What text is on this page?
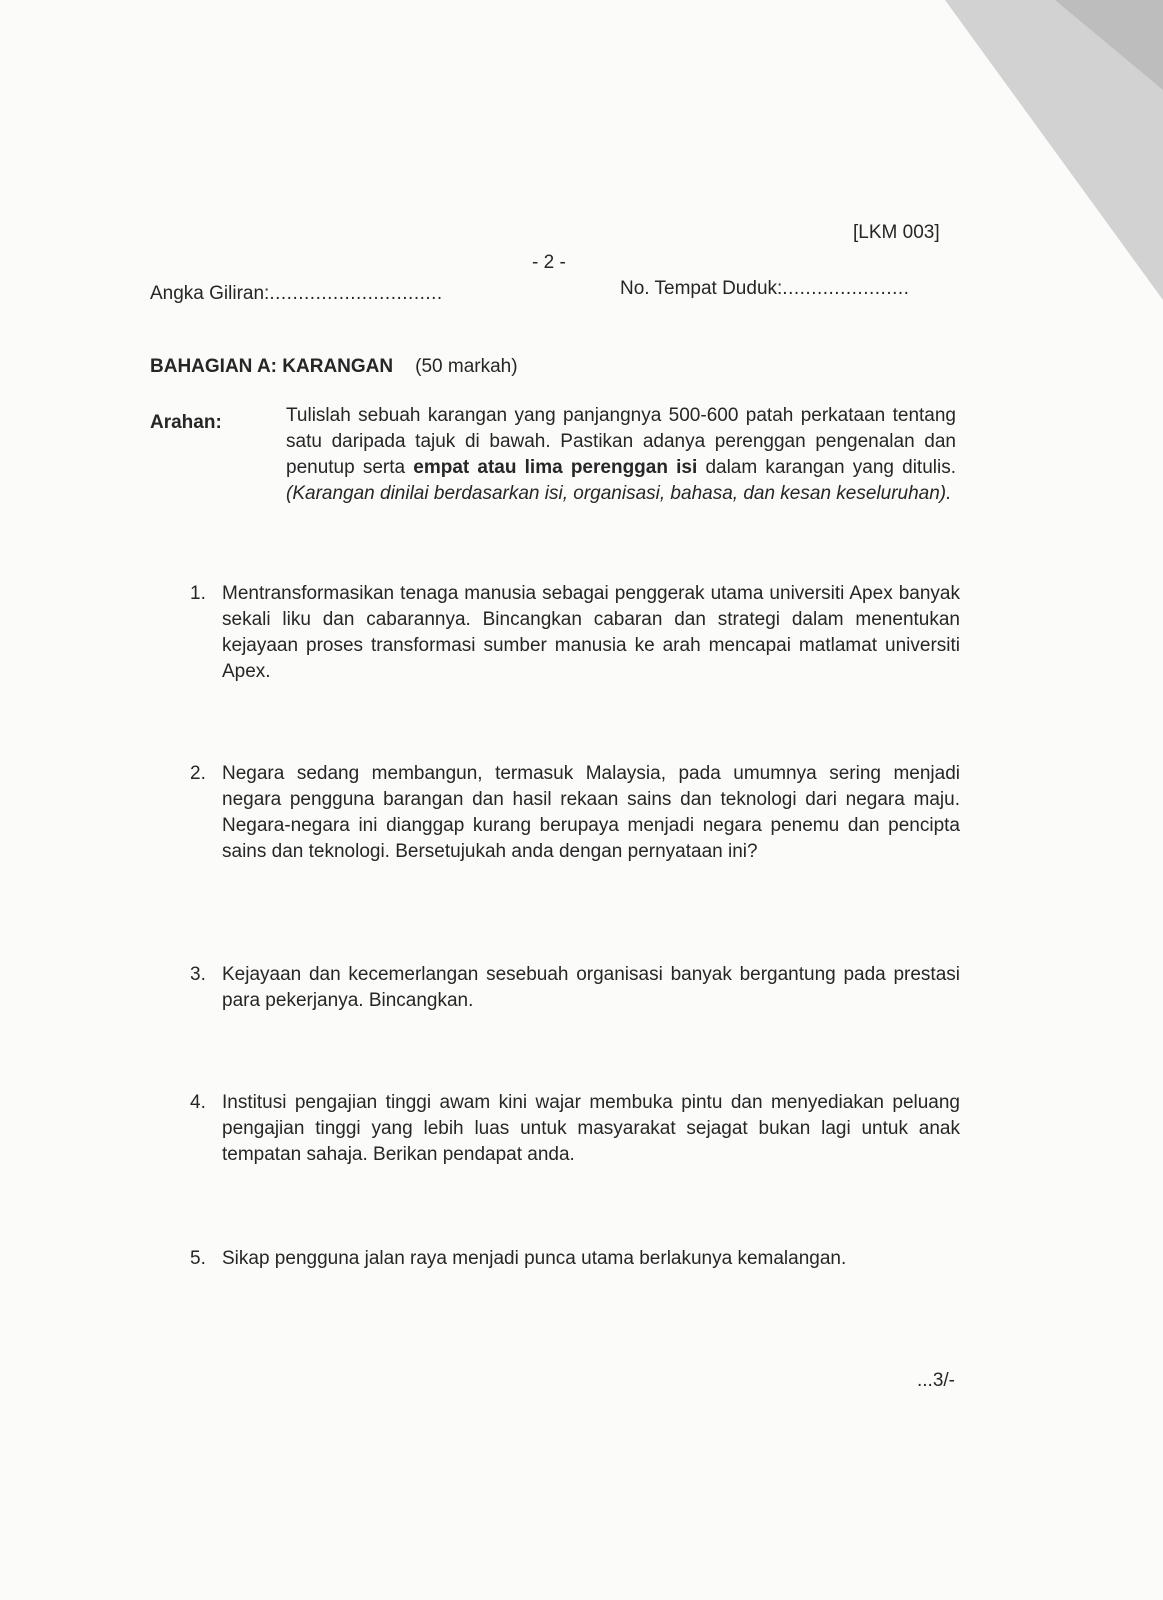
[LKM 003]
- 2 -
Angka Giliran:..............................	No. Tempat Duduk:......................
BAHAGIAN A: KARANGAN (50 markah)
Arahan:	Tulislah sebuah karangan yang panjangnya 500-600 patah perkataan tentang satu daripada tajuk di bawah. Pastikan adanya perenggan pengenalan dan penutup serta empat atau lima perenggan isi dalam karangan yang ditulis. (Karangan dinilai berdasarkan isi, organisasi, bahasa, dan kesan keseluruhan).
1. Mentransformasikan tenaga manusia sebagai penggerak utama universiti Apex banyak sekali liku dan cabarannya. Bincangkan cabaran dan strategi dalam menentukan kejayaan proses transformasi sumber manusia ke arah mencapai matlamat universiti Apex.
2. Negara sedang membangun, termasuk Malaysia, pada umumnya sering menjadi negara pengguna barangan dan hasil rekaan sains dan teknologi dari negara maju. Negara-negara ini dianggap kurang berupaya menjadi negara penemu dan pencipta sains dan teknologi. Bersetujukah anda dengan pernyataan ini?
3. Kejayaan dan kecemerlangan sesebuah organisasi banyak bergantung pada prestasi para pekerjanya. Bincangkan.
4. Institusi pengajian tinggi awam kini wajar membuka pintu dan menyediakan peluang pengajian tinggi yang lebih luas untuk masyarakat sejagat bukan lagi untuk anak tempatan sahaja. Berikan pendapat anda.
5. Sikap pengguna jalan raya menjadi punca utama berlakunya kemalangan.
...3/-
